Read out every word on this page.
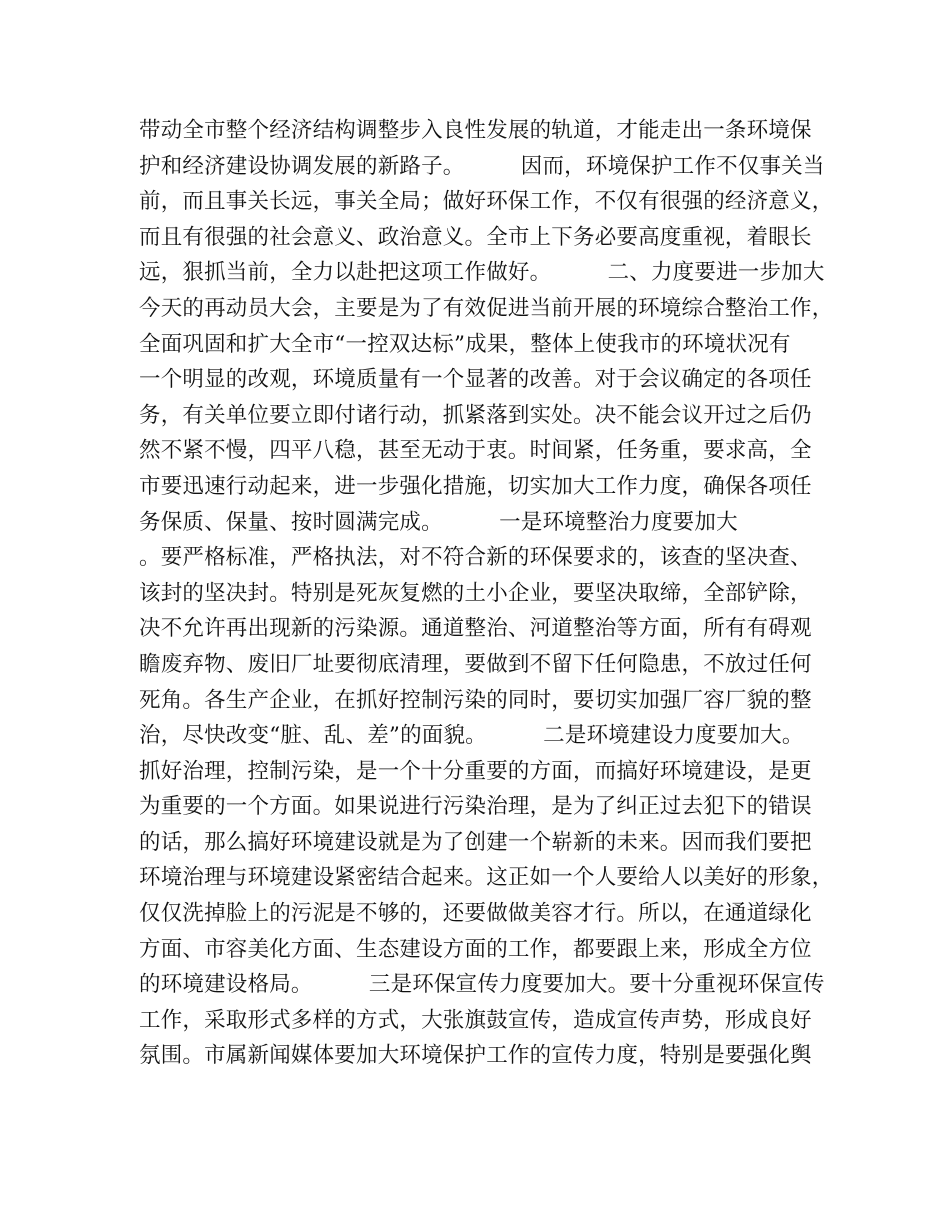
带动全市整个经济结构调整步入良性发展的轨道，才能走出一条环境保
护和经济建设协调发展的新路子。        因而，环境保护工作不仅事关当
前，而且事关长远，事关全局；做好环保工作，不仅有很强的经济意义，
而且有很强的社会意义、政治意义。全市上下务必要高度重视，着眼长
远，狠抓当前，全力以赴把这项工作做好。        二、力度要进一步加大
今天的再动员大会，主要是为了有效促进当前开展的环境综合整治工作，
全面巩固和扩大全市“一控双达标”成果，整体上使我市的环境状况有
一个明显的改观，环境质量有一个显著的改善。对于会议确定的各项任
务，有关单位要立即付诸行动，抓紧落到实处。决不能会议开过之后仍
然不紧不慢，四平八稳，甚至无动于衷。时间紧，任务重，要求高，全
市要迅速行动起来，进一步强化措施，切实加大工作力度，确保各项任
务保质、保量、按时圆满完成。        一是环境整治力度要加大
。要严格标准，严格执法，对不符合新的环保要求的，该查的坚决查、
该封的坚决封。特别是死灰复燃的土小企业，要坚决取缔，全部铲除，
决不允许再出现新的污染源。通道整治、河道整治等方面，所有有碍观
瞻废弃物、废旧厂址要彻底清理，要做到不留下任何隐患，不放过任何
死角。各生产企业，在抓好控制污染的同时，要切实加强厂容厂貌的整
治，尽快改变“脏、乱、差”的面貌。        二是环境建设力度要加大。
抓好治理，控制污染，是一个十分重要的方面，而搞好环境建设，是更
为重要的一个方面。如果说进行污染治理，是为了纠正过去犯下的错误
的话，那么搞好环境建设就是为了创建一个崭新的未来。因而我们要把
环境治理与环境建设紧密结合起来。这正如一个人要给人以美好的形象，
仅仅洗掉脸上的污泥是不够的，还要做做美容才行。所以，在通道绿化
方面、市容美化方面、生态建设方面的工作，都要跟上来，形成全方位
的环境建设格局。        三是环保宣传力度要加大。要十分重视环保宣传
工作，采取形式多样的方式，大张旗鼓宣传，造成宣传声势，形成良好
氛围。市属新闻媒体要加大环境保护工作的宣传力度，特别是要强化舆
